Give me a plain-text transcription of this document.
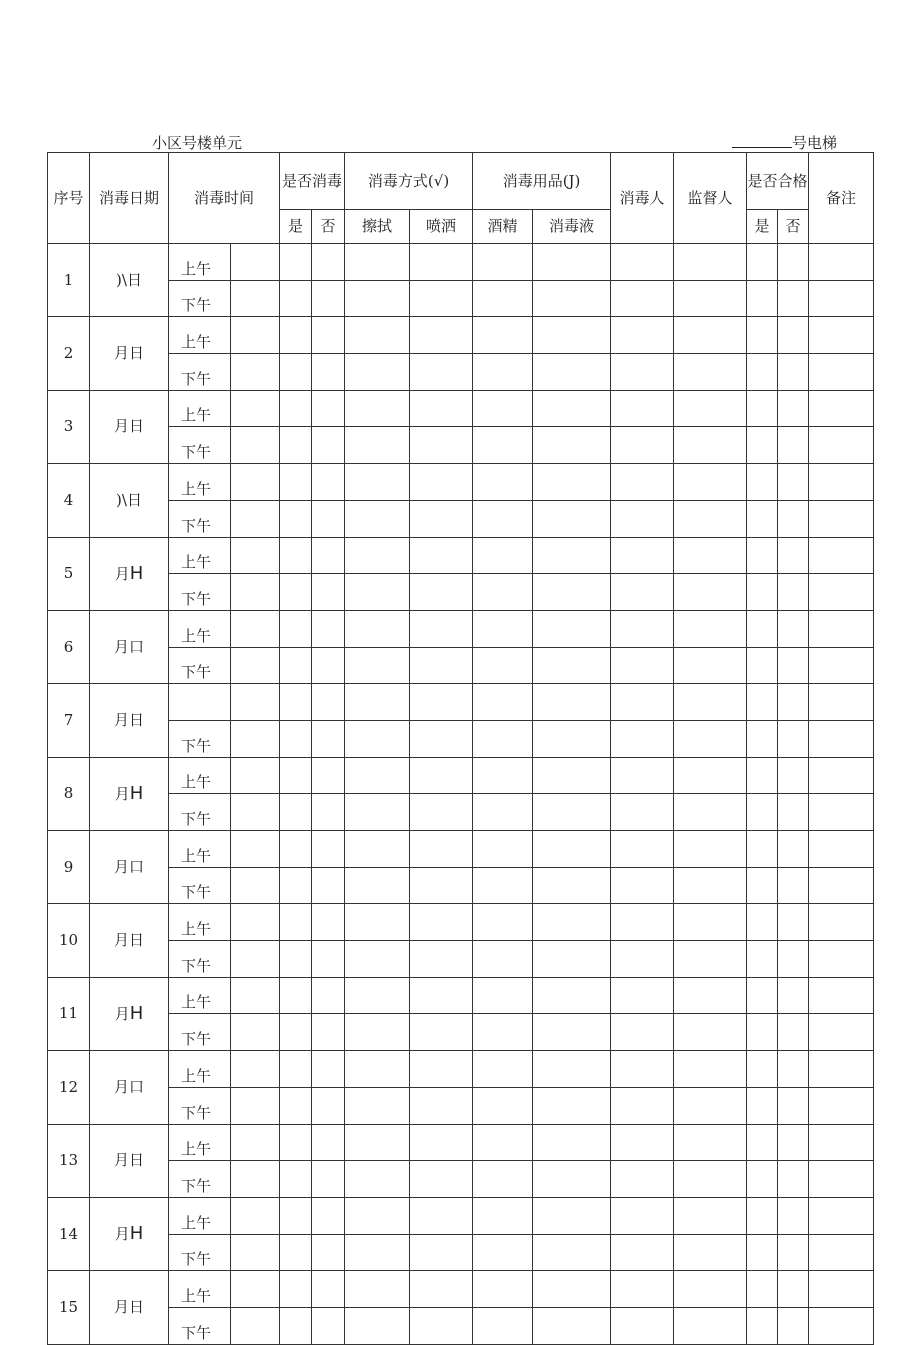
小区号楼单元	号电梯
序号	消毒日期	消毒时间		是否消毒		消毒方式(√)		消毒用品(J)		消毒人	监督人	是否合格		备注
				是	否	擦拭	喷洒	酒精	消毒液			是	否	
1	)\日	上午												
		下午												
2	月日	上午												
		下午												
3	月日	上午												
		下午												
4	)\日	上午												
		下午												
5	月H	上午												
		下午												
6	月口	上午												
		下午												
7	月日													
		下午												
8	月H	上午												
		下午												
9	月口	上午												
		下午												
10	月日	上午												
		下午												
11	月H	上午												
		下午												
12	月口	上午												
		下午												
13	月日	上午												
		下午												
14	月H	上午												
		下午												
15	月日	上午												
		下午												
